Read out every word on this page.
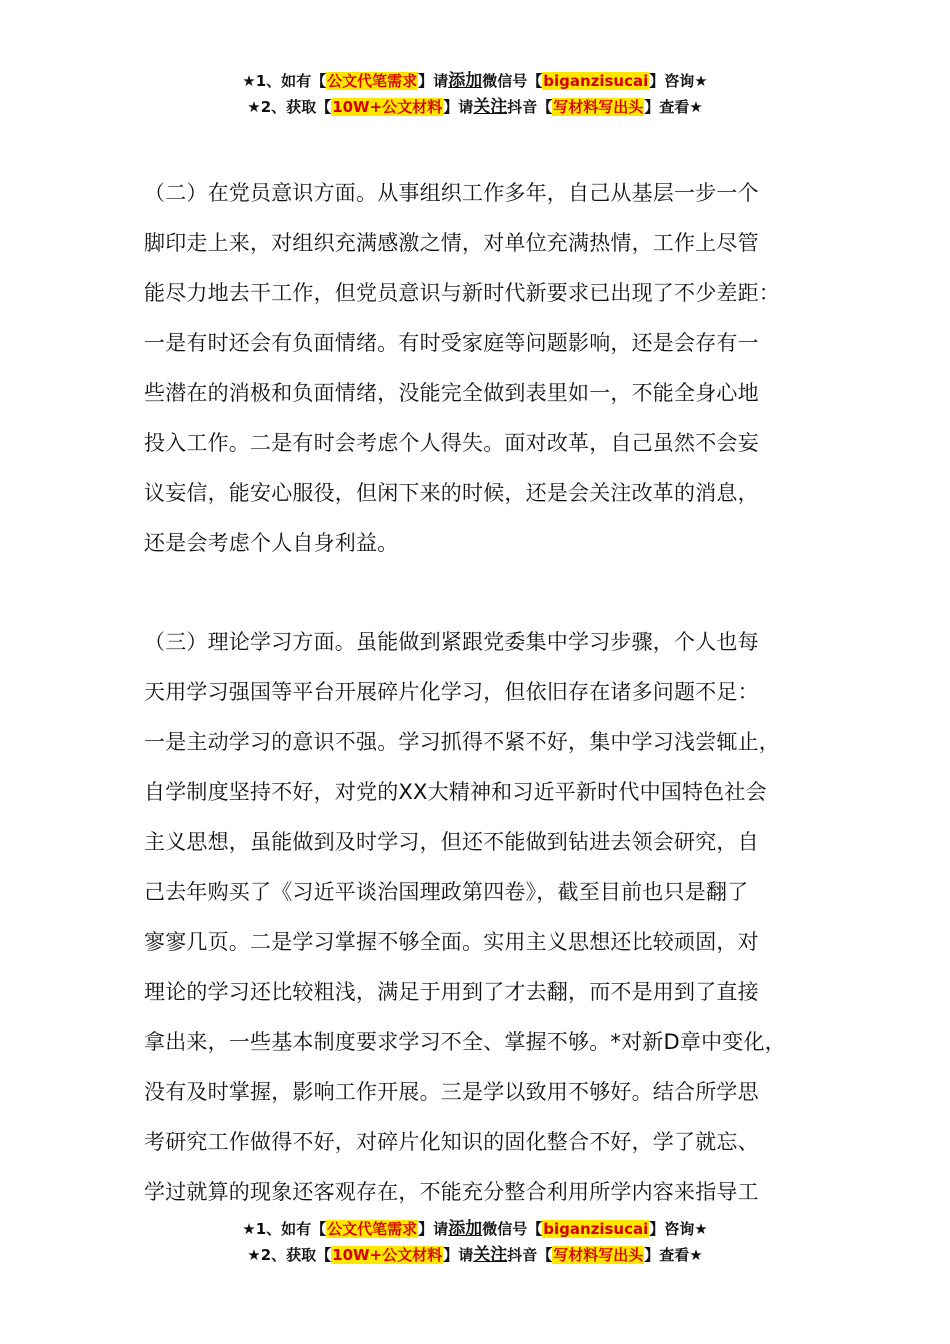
★1、如有【公文代笔需求】请添加微信号【biganzisucai】咨询★
★2、获取【10W+公文材料】请关注抖音【写材料写出头】查看★
（二）在党员意识方面。从事组织工作多年，自己从基层一步一个
脚印走上来，对组织充满感激之情，对单位充满热情，工作上尽管
能尽力地去干工作，但党员意识与新时代新要求已出现了不少差距：
一是有时还会有负面情绪。有时受家庭等问题影响，还是会存有一
些潜在的消极和负面情绪，没能完全做到表里如一，不能全身心地
投入工作。二是有时会考虑个人得失。面对改革，自己虽然不会妄
议妄信，能安心服役，但闲下来的时候，还是会关注改革的消息，
还是会考虑个人自身利益。
（三）理论学习方面。虽能做到紧跟党委集中学习步骤，个人也每
天用学习强国等平台开展碎片化学习，但依旧存在诸多问题不足：
一是主动学习的意识不强。学习抓得不紧不好，集中学习浅尝辄止，
自学制度坚持不好，对党的XX大精神和习近平新时代中国特色社会
主义思想，虽能做到及时学习，但还不能做到钻进去领会研究，自
己去年购买了《习近平谈治国理政第四卷》，截至目前也只是翻了
寥寥几页。二是学习掌握不够全面。实用主义思想还比较顽固，对
理论的学习还比较粗浅，满足于用到了才去翻，而不是用到了直接
拿出来，一些基本制度要求学习不全、掌握不够。*对新D章中变化，
没有及时掌握，影响工作开展。三是学以致用不够好。结合所学思
考研究工作做得不好，对碎片化知识的固化整合不好，学了就忘、
学过就算的现象还客观存在，不能充分整合利用所学内容来指导工
★1、如有【公文代笔需求】请添加微信号【biganzisucai】咨询★
★2、获取【10W+公文材料】请关注抖音【写材料写出头】查看★
